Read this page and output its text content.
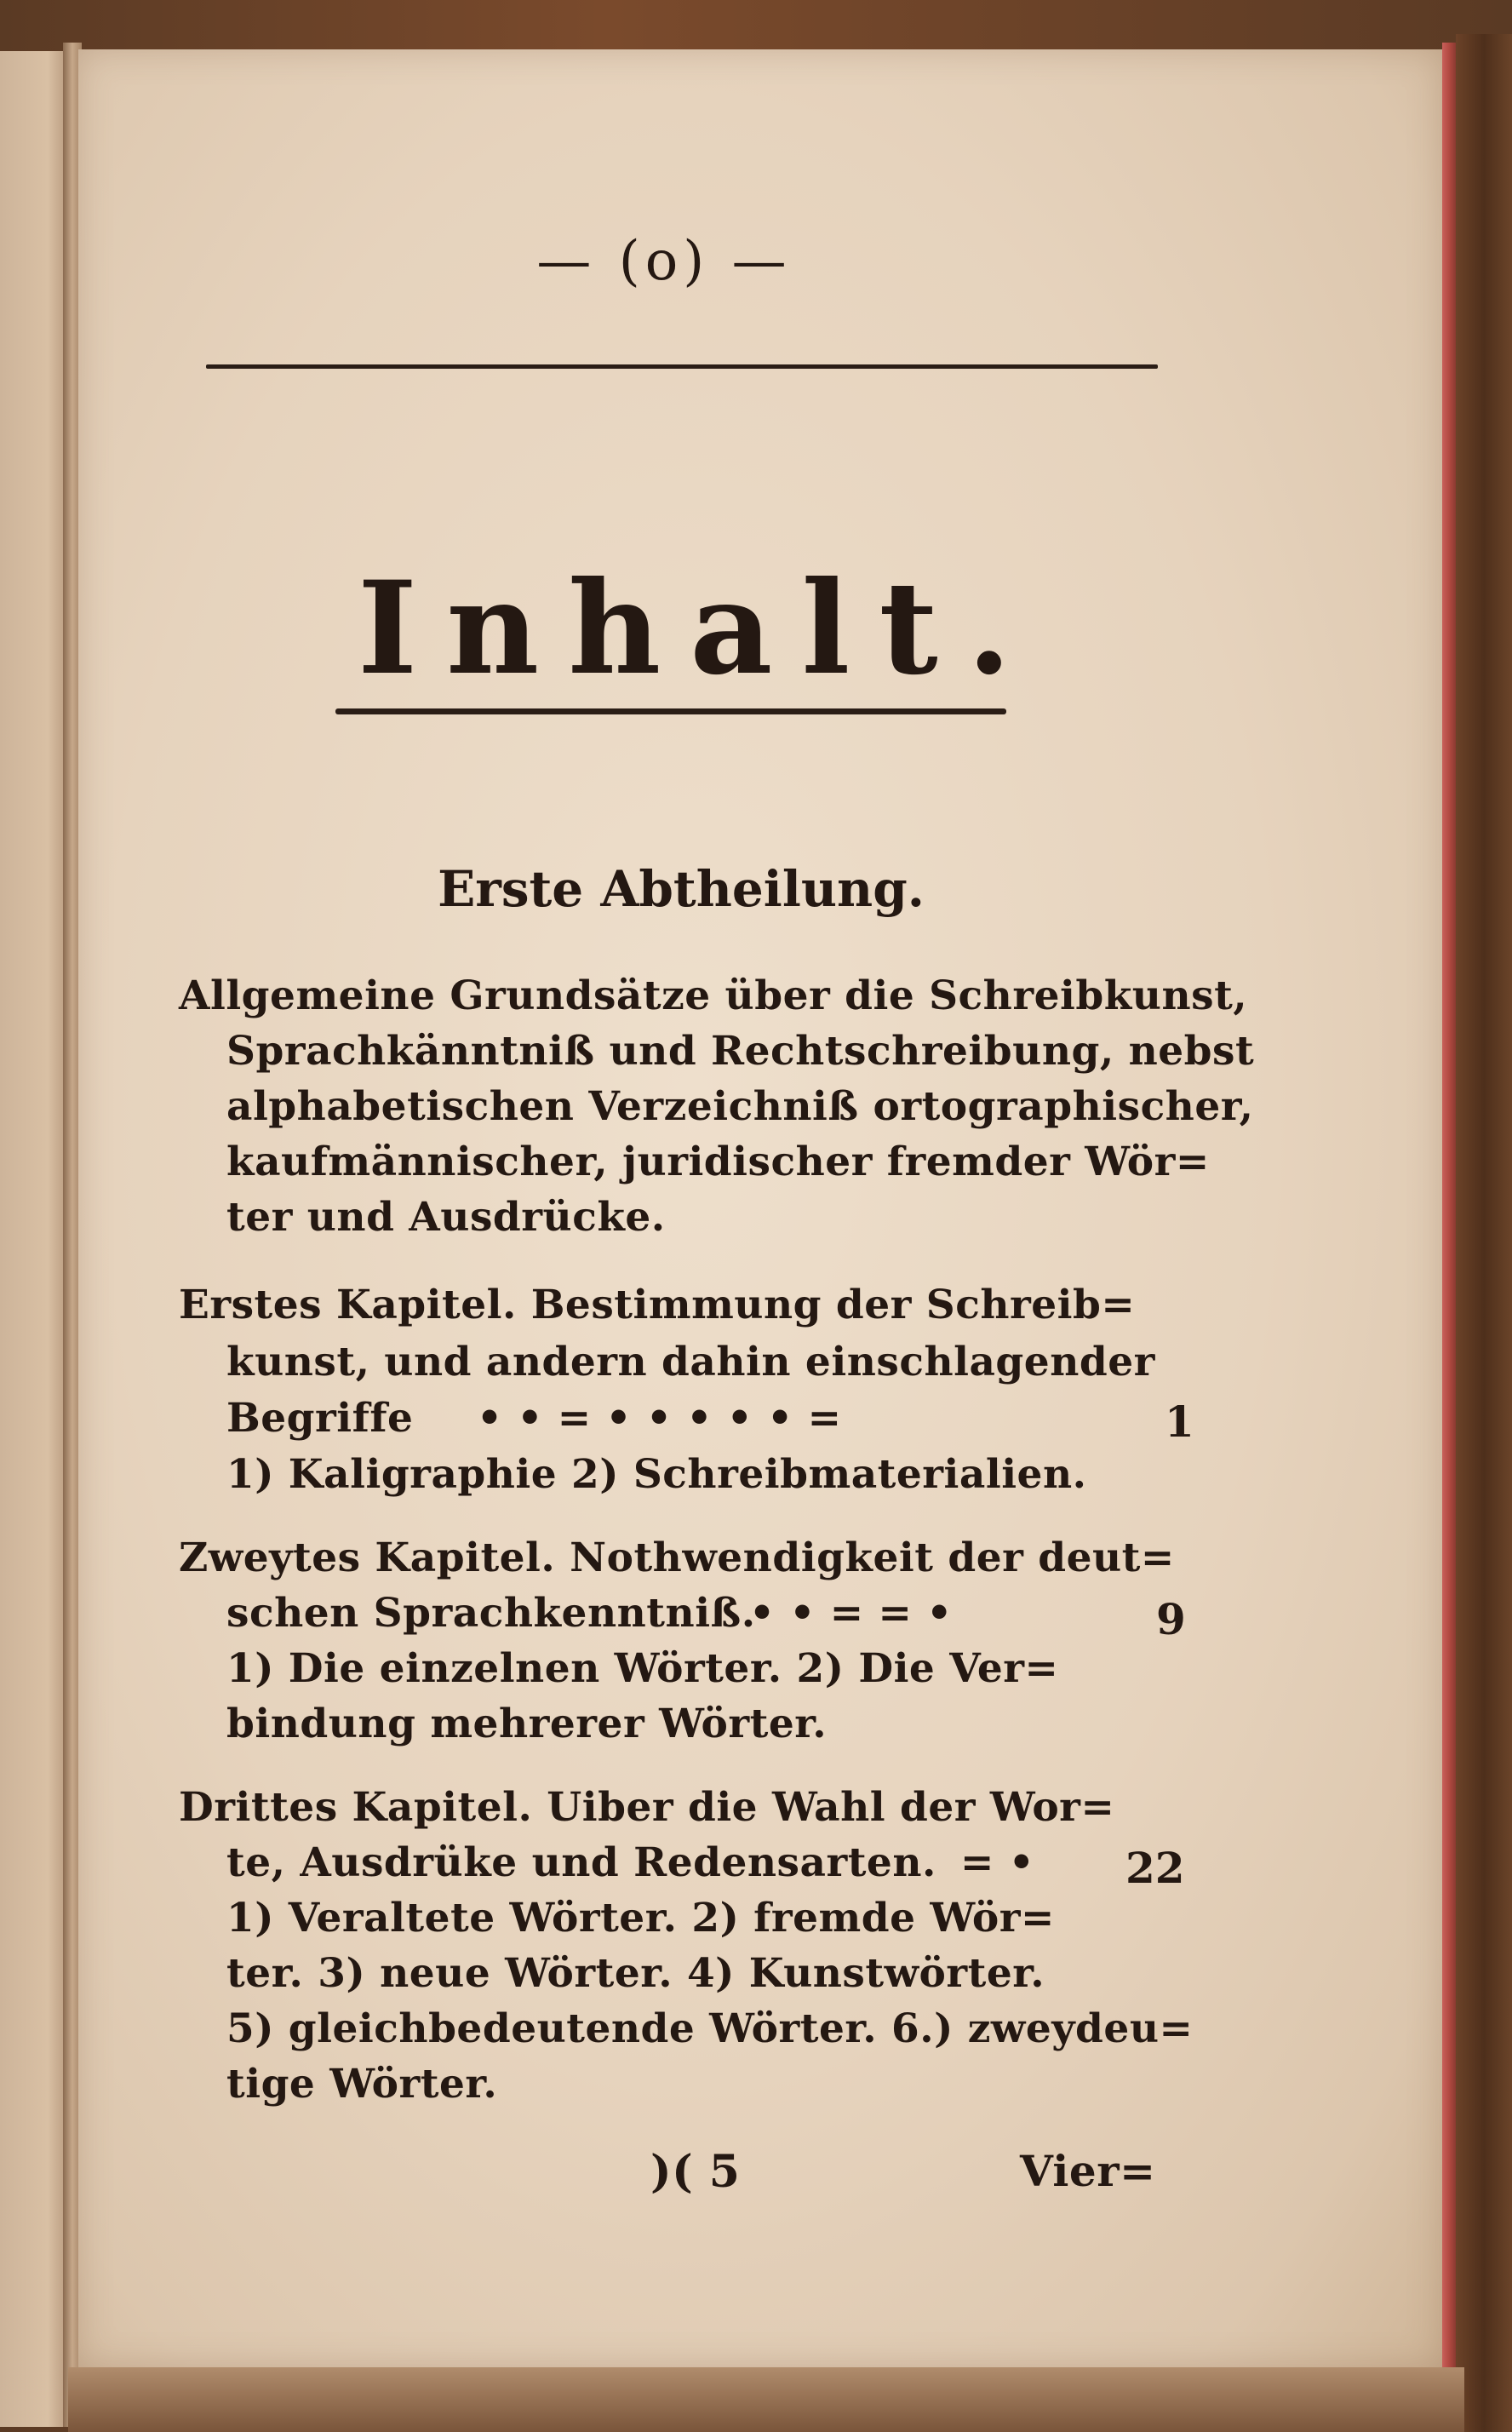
— (o) —
Inhalt.
Erste Abtheilung.
Allgemeine Grundsätze über die Schreibkunst,
Sprachkänntniß und Rechtschreibung, nebst
alphabetischen Verzeichniß ortographischer,
kaufmännischer, juridischer fremder Wör=
ter und Ausdrücke.
Erstes Kapitel. Bestimmung der Schreib=
kunst, und andern dahin einschlagender
Begriffe • • = • • • • • =	1
1) Kaligraphie 2) Schreibmaterialien.
Zweytes Kapitel. Nothwendigkeit der deut=
schen Sprachkenntniß.
• • = = •	9
1) Die einzelnen Wörter. 2) Die Ver=
bindung mehrerer Wörter.
Drittes Kapitel. Uiber die Wahl der Wor=
te, Ausdrüke und Redensarten. = • 22
1) Veraltete Wörter. 2) fremde Wör=
ter. 3) neue Wörter. 4) Kunstwörter.
5) gleichbedeutende Wörter. 6.) zweydeu=
tige Wörter.
)( 5	Vier=
